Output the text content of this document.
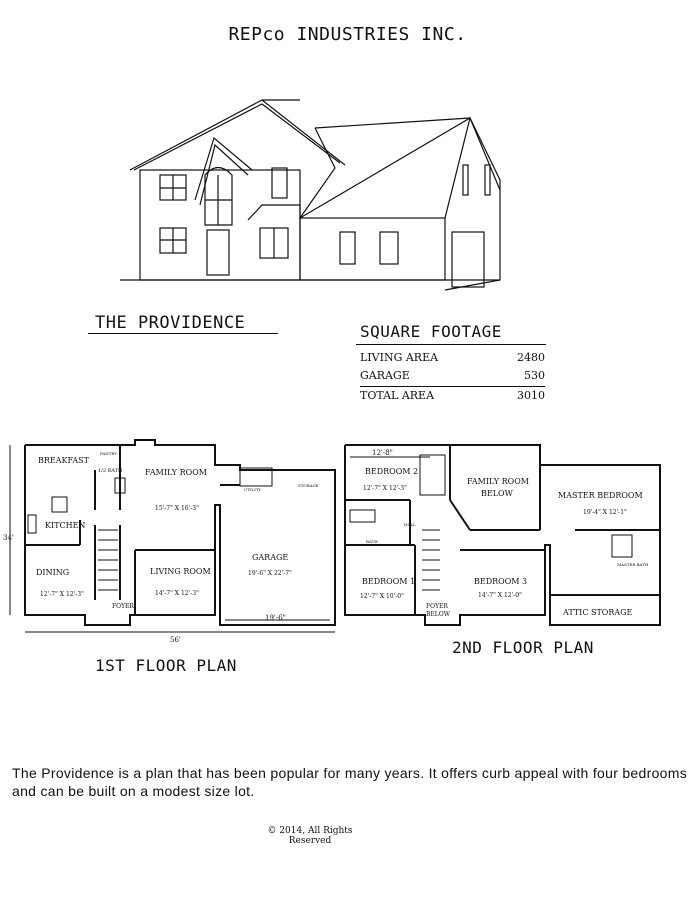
REPco INDUSTRIES INC.
THE PROVIDENCE	SQUARE FOOTAGE
LIVING AREA	2480
GARAGE	530
TOTAL AREA	3010
BREAKFAST
KITCHEN
DINING
12'-7" X 12'-3"
FAMILY ROOM
15'-7" X 16'-3"
LIVING ROOM
14'-7" X 12'-3"
GARAGE
19'-6" X 22'-7"
FOYER
UTILITY
STORAGE
PANTRY
1/2 BATH
56'
34'
19'-6"
BEDROOM 2
12'-7" X 12'-3"
FAMILY ROOM
BELOW	MASTER BEDROOM
19'-4" X 12'-1"
BEDROOM 1
12'-7" X 10'-0"
BEDROOM 3
14'-7" X 12'-0"
ATTIC STORAGE
FOYER
BELOW
HALL
BATH
MASTER BATH
12'-8"
1ST FLOOR PLAN
2ND FLOOR PLAN
The Providence is a plan that has been popular for many years. It offers curb appeal with four bedrooms and can be built on a modest size lot.
© 2014, All Rights
Reserved
